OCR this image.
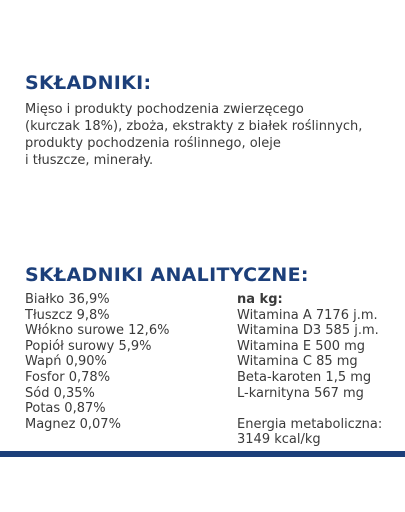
SKŁADNIKI:

Mięso i produkty pochodzenia zwierzęcego
(kurczak 18%), zboża, ekstrakty z białek roślinnych,
produkty pochodzenia roślinnego, oleje
i tłuszcze, minerały.

SKŁADNIKI ANALITYCZNE:
Białko 36,9%
Tłuszcz 9,8%
Włókno surowe 12,6%
Popiół surowy 5,9%
Wapń 0,90%
Fosfor 0,78%
Sód 0,35%
Potas 0,87%
Magnez 0,07%
na kg:
Witamina A 7176 j.m.
Witamina D3 585 j.m.
Witamina E 500 mg
Witamina C 85 mg
Beta-karoten 1,5 mg
L-karnityna 567 mg
Energia metaboliczna:
3149 kcal/kg
